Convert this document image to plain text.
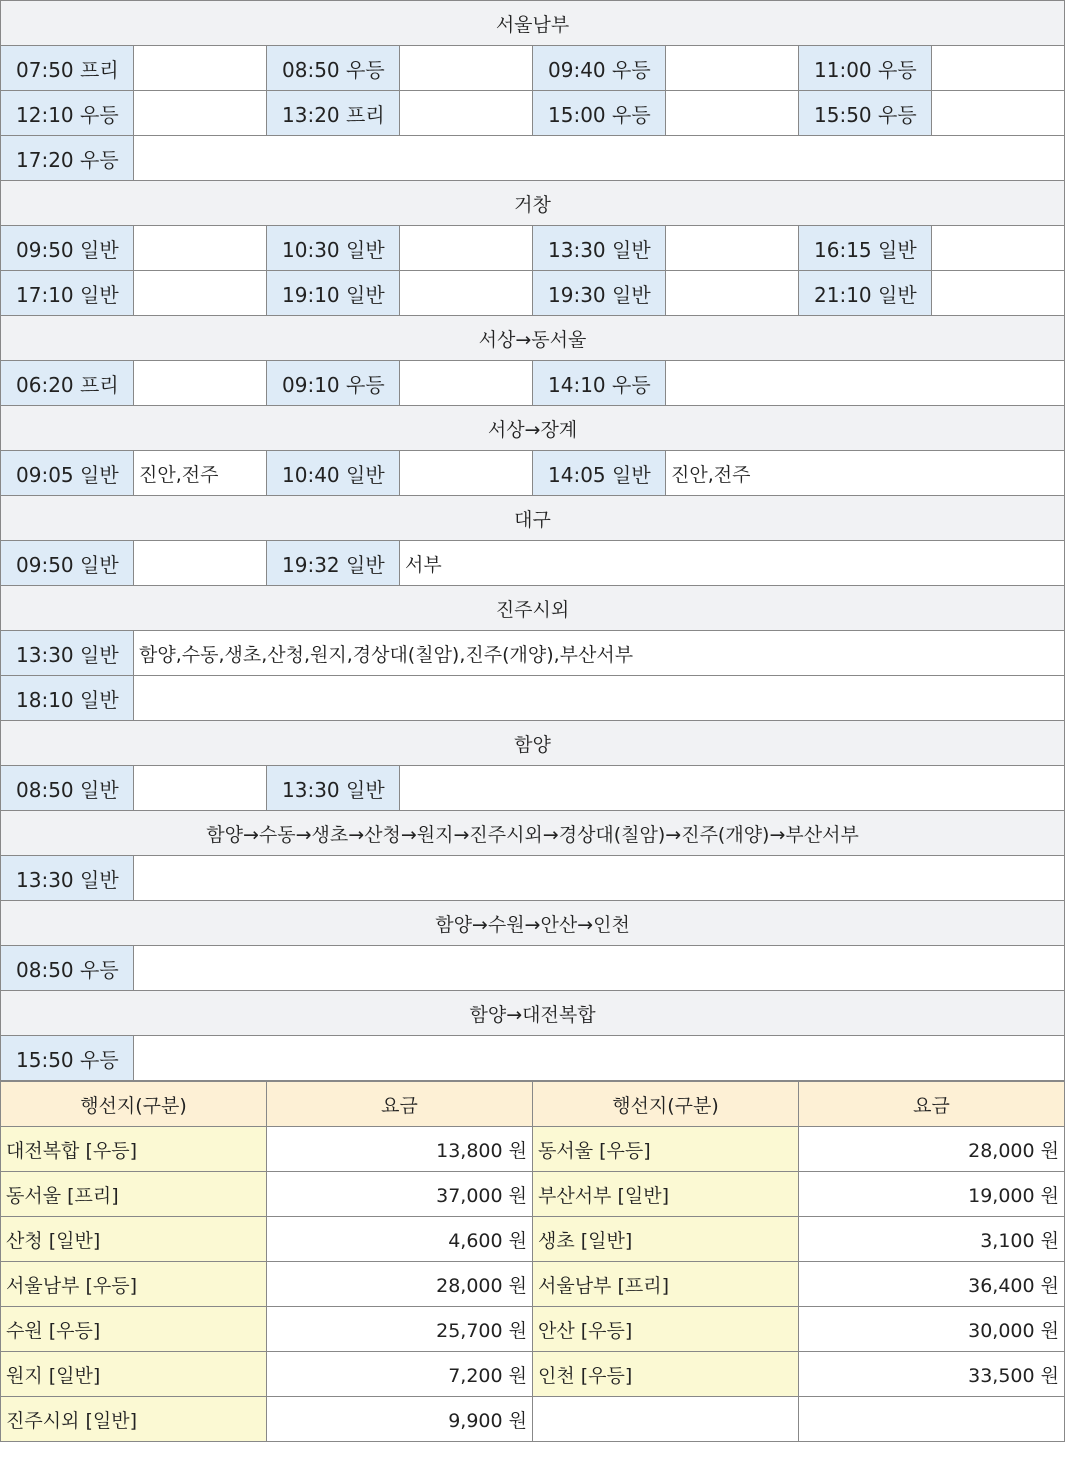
서울남부							
07:50 프리		08:50 우등		09:40 우등		11:00 우등	
12:10 우등		13:20 프리		15:00 우등		15:50 우등	
17:20 우등							
거창							
09:50 일반		10:30 일반		13:30 일반		16:15 일반	
17:10 일반		19:10 일반		19:30 일반		21:10 일반	
서상→동서울							
06:20 프리		09:10 우등		14:10 우등			
서상→장계							
09:05 일반	진안,전주	10:40 일반		14:05 일반	진안,전주		
대구							
09:50 일반		19:32 일반	서부				
진주시외							
13:30 일반	함양,수동,생초,산청,원지,경상대(칠암),진주(개양),부산서부						
18:10 일반							
함양							
08:50 일반		13:30 일반					
함양→수동→생초→산청→원지→진주시외→경상대(칠암)→진주(개양)→부산서부							
13:30 일반							
함양→수원→안산→인천							
08:50 우등							
함양→대전복합							
15:50 우등							
행선지(구분)	요금	행선지(구분)	요금
대전복합 [우등]	13,800 원	동서울 [우등]	28,000 원
동서울 [프리]	37,000 원	부산서부 [일반]	19,000 원
산청 [일반]	4,600 원	생초 [일반]	3,100 원
서울남부 [우등]	28,000 원	서울남부 [프리]	36,400 원
수원 [우등]	25,700 원	안산 [우등]	30,000 원
원지 [일반]	7,200 원	인천 [우등]	33,500 원
진주시외 [일반]	9,900 원		
